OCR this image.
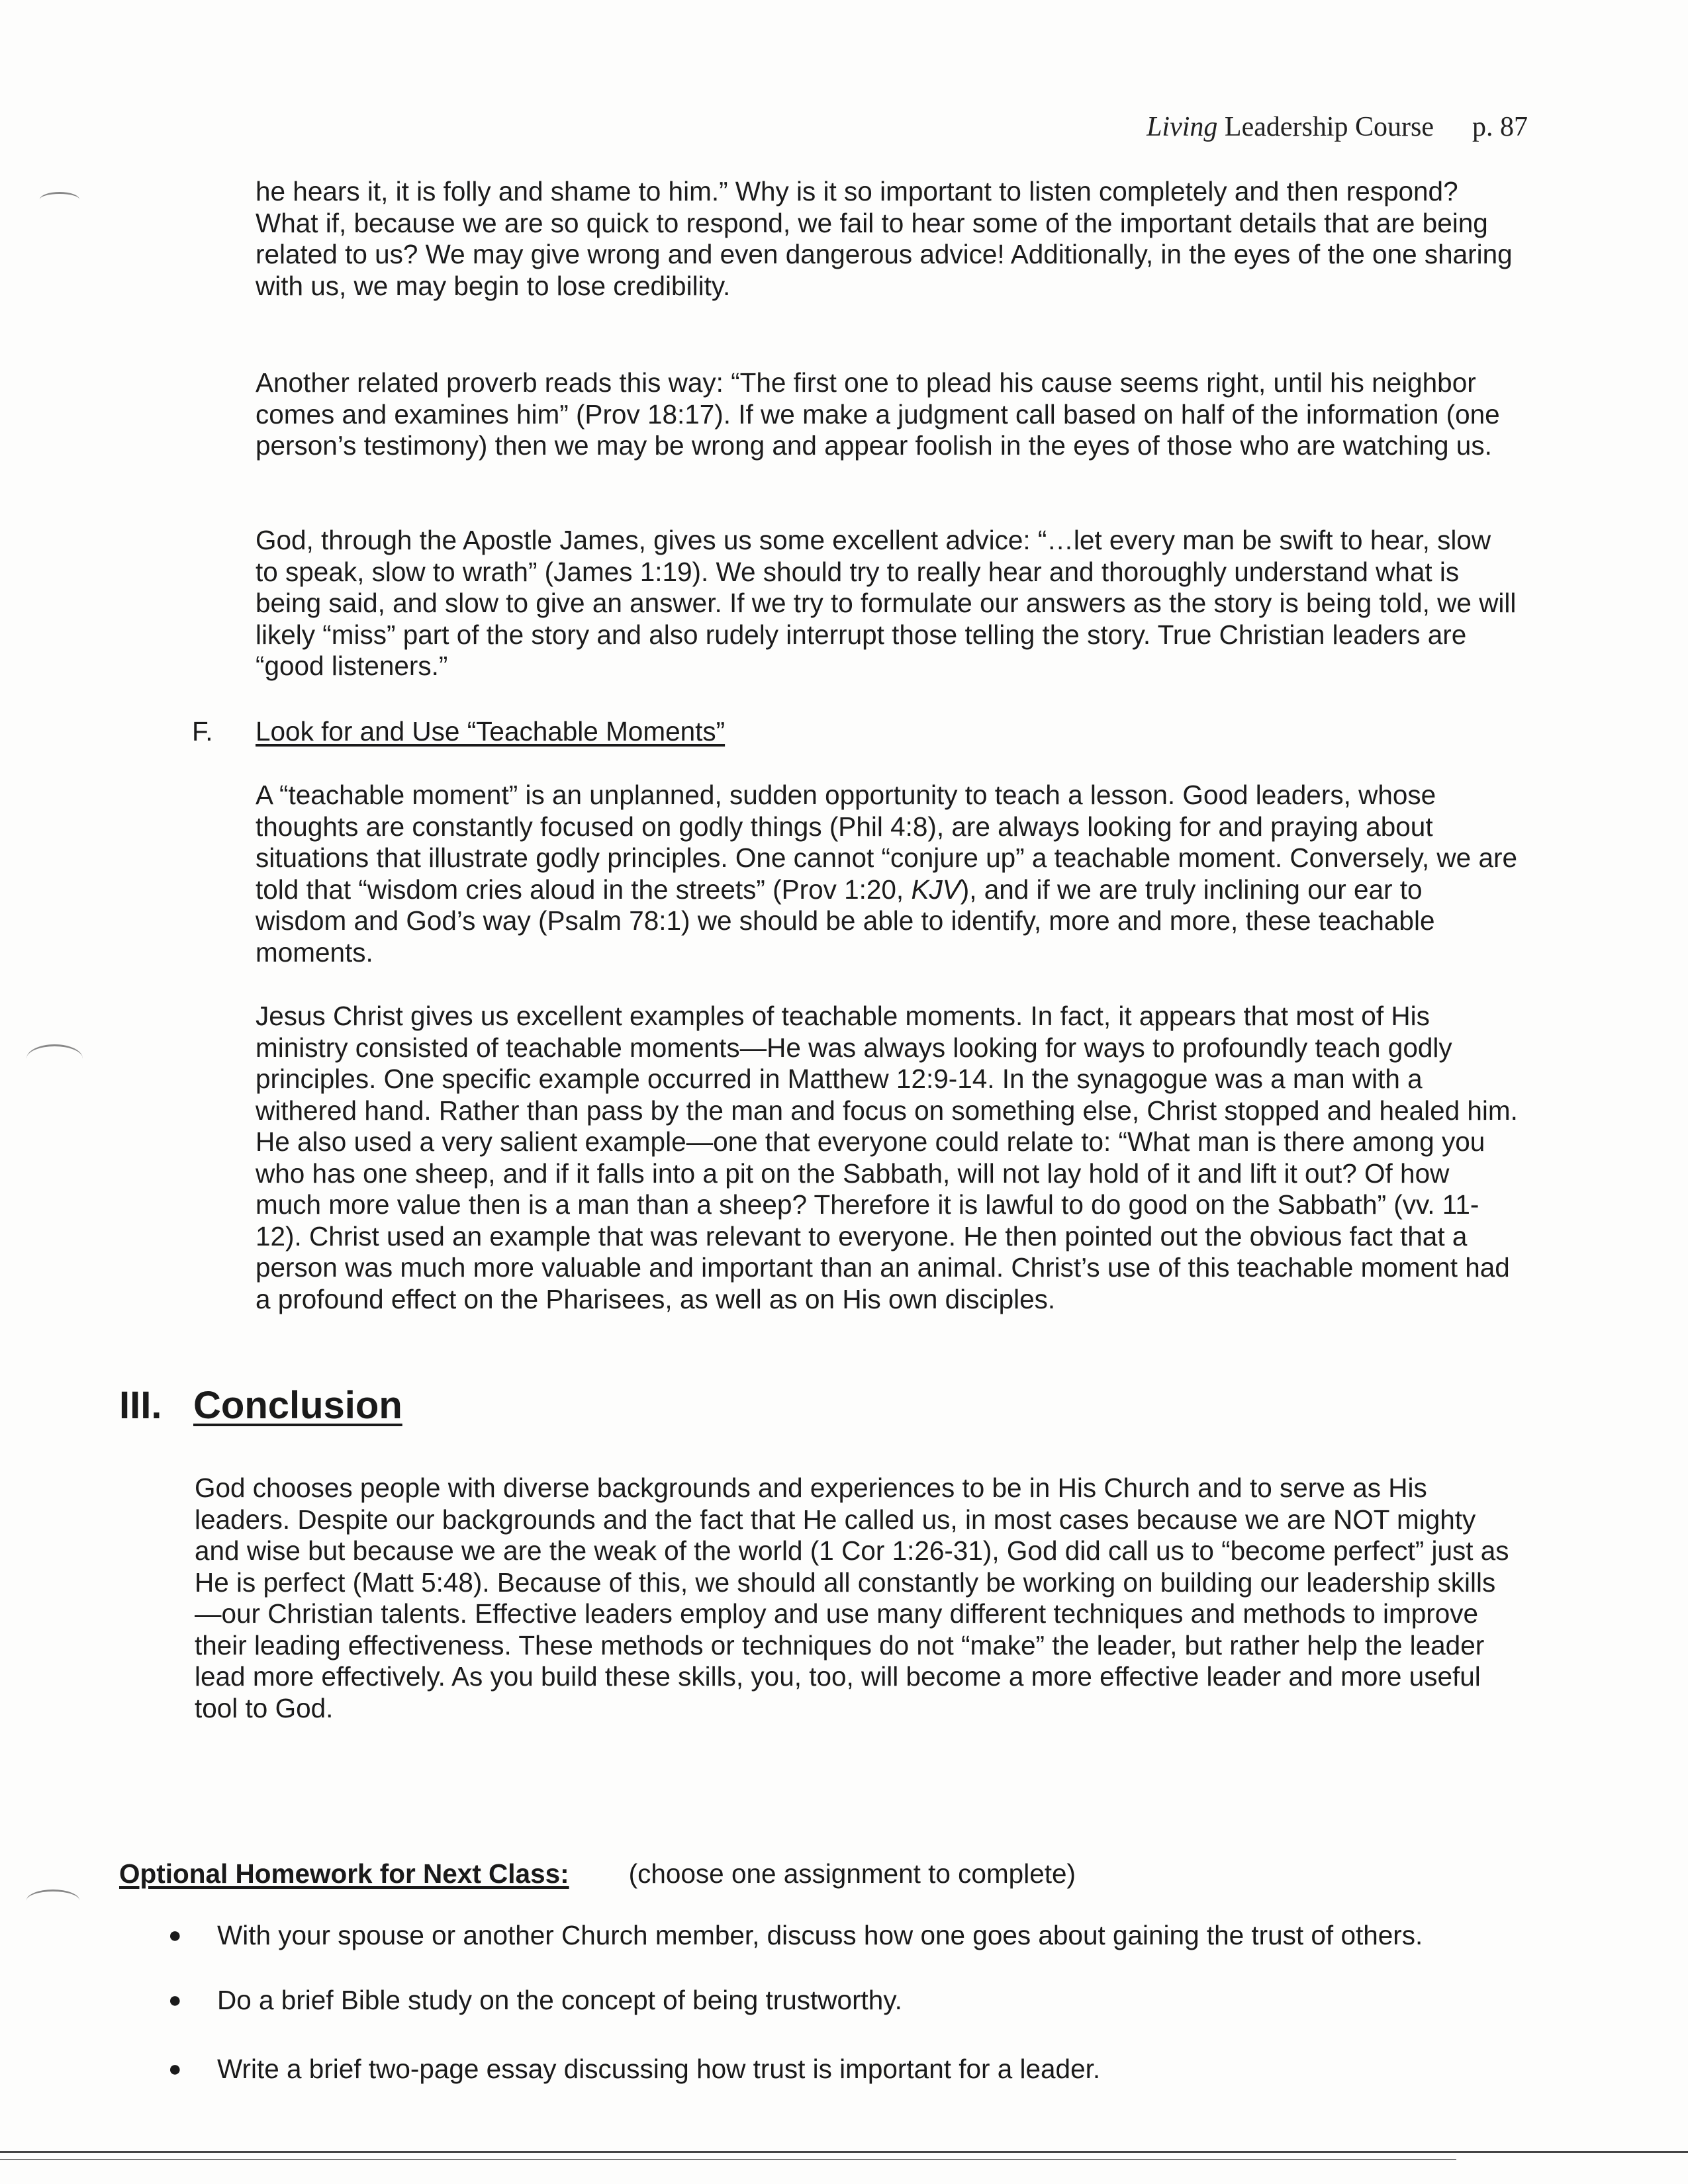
Living Leadership Course p. 87

he hears it, it is folly and shame to him.” Why is it so important to listen completely and then respond? What if, because we are so quick to respond, we fail to hear some of the important details that are being related to us? We may give wrong and even dangerous advice! Additionally, in the eyes of the one sharing with us, we may begin to lose credibility.

Another related proverb reads this way: “The first one to plead his cause seems right, until his neighbor comes and examines him” (Prov 18:17). If we make a judgment call based on half of the information (one person’s testimony) then we may be wrong and appear foolish in the eyes of those who are watching us.

God, through the Apostle James, gives us some excellent advice: “…let every man be swift to hear, slow to speak, slow to wrath” (James 1:19). We should try to really hear and thoroughly understand what is being said, and slow to give an answer. If we try to formulate our answers as the story is being told, we will likely “miss” part of the story and also rudely interrupt those telling the story. True Christian leaders are “good listeners.”

F. Look for and Use “Teachable Moments”

A “teachable moment” is an unplanned, sudden opportunity to teach a lesson. Good leaders, whose thoughts are constantly focused on godly things (Phil 4:8), are always looking for and praying about situations that illustrate godly principles. One cannot “conjure up” a teachable moment. Conversely, we are told that “wisdom cries aloud in the streets” (Prov 1:20, KJV), and if we are truly inclining our ear to wisdom and God’s way (Psalm 78:1) we should be able to identify, more and more, these teachable moments.

Jesus Christ gives us excellent examples of teachable moments. In fact, it appears that most of His ministry consisted of teachable moments—He was always looking for ways to profoundly teach godly principles. One specific example occurred in Matthew 12:9-14. In the synagogue was a man with a withered hand. Rather than pass by the man and focus on something else, Christ stopped and healed him. He also used a very salient example—one that everyone could relate to: “What man is there among you who has one sheep, and if it falls into a pit on the Sabbath, will not lay hold of it and lift it out? Of how much more value then is a man than a sheep? Therefore it is lawful to do good on the Sabbath” (vv. 11-12). Christ used an example that was relevant to everyone. He then pointed out the obvious fact that a person was much more valuable and important than an animal. Christ’s use of this teachable moment had a profound effect on the Pharisees, as well as on His own disciples.

III. Conclusion

God chooses people with diverse backgrounds and experiences to be in His Church and to serve as His leaders. Despite our backgrounds and the fact that He called us, in most cases because we are NOT mighty and wise but because we are the weak of the world (1 Cor 1:26-31), God did call us to “become perfect” just as He is perfect (Matt 5:48). Because of this, we should all constantly be working on building our leadership skills—our Christian talents. Effective leaders employ and use many different techniques and methods to improve their leading effectiveness. These methods or techniques do not “make” the leader, but rather help the leader lead more effectively. As you build these skills, you, too, will become a more effective leader and more useful tool to God.

Optional Homework for Next Class: (choose one assignment to complete)
● With your spouse or another Church member, discuss how one goes about gaining the trust of others.
● Do a brief Bible study on the concept of being trustworthy.
● Write a brief two-page essay discussing how trust is important for a leader.
